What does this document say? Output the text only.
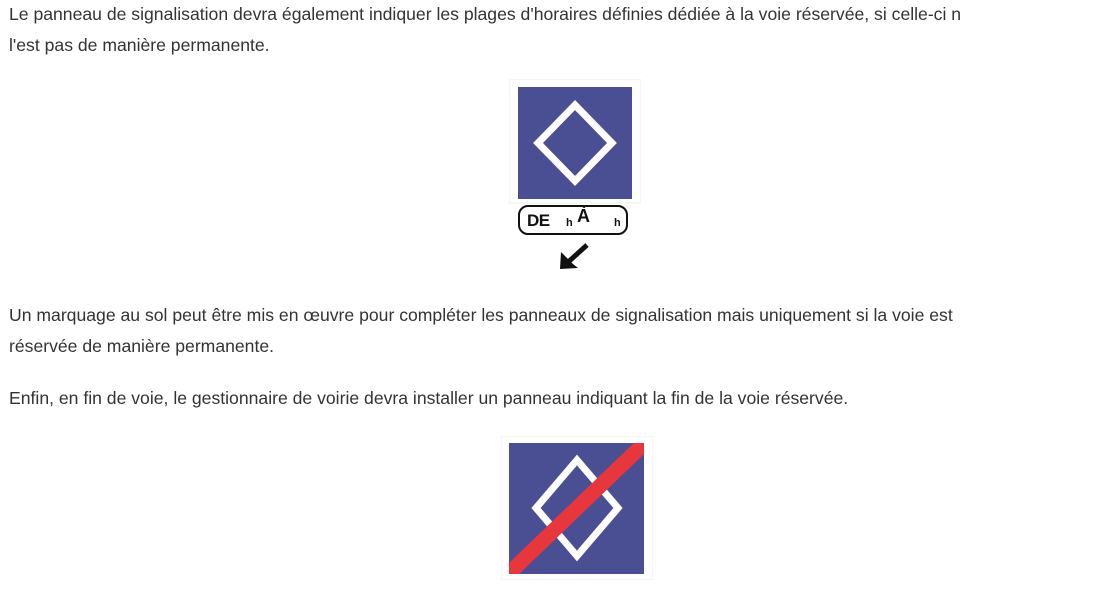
Le panneau de signalisation devra également indiquer les plages d'horaires définies dédiée à la voie réservée, si celle-ci n
l'est pas de manière permanente.

DE h À h

Un marquage au sol peut être mis en œuvre pour compléter les panneaux de signalisation mais uniquement si la voie est
réservée de manière permanente.

Enfin, en fin de voie, le gestionnaire de voirie devra installer un panneau indiquant la fin de la voie réservée.
